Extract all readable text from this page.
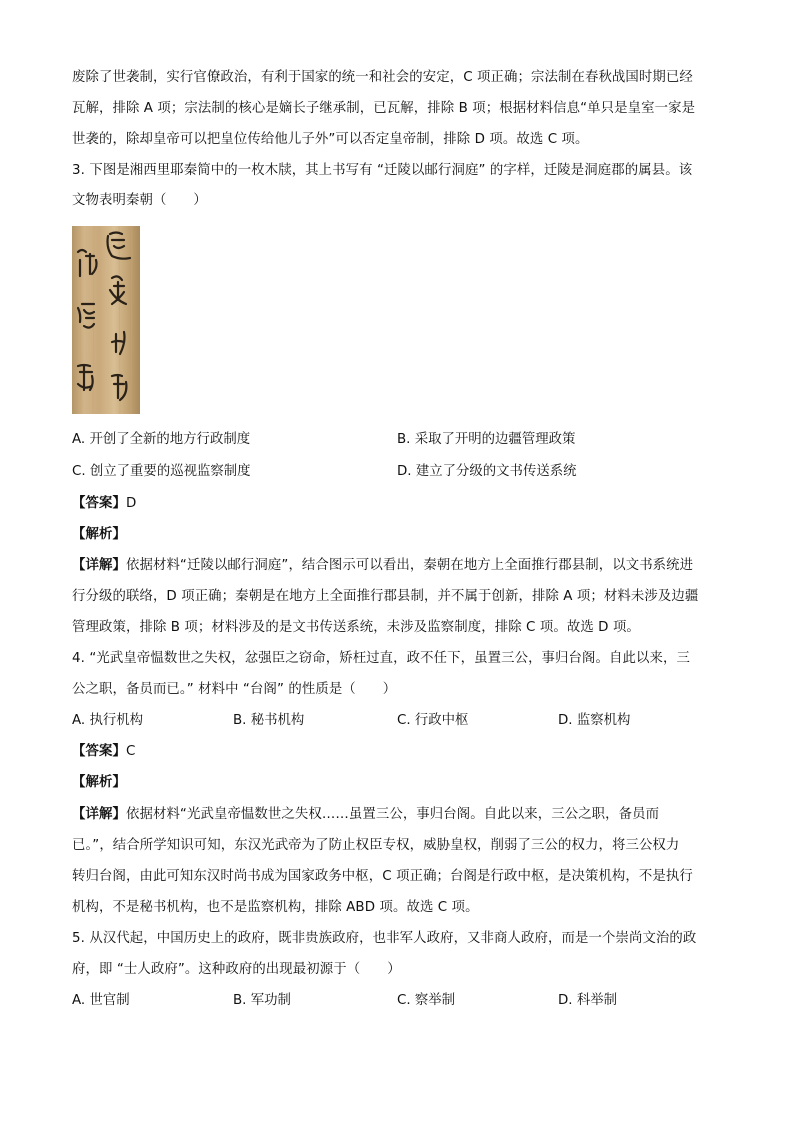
废除了世袭制，实行官僚政治，有利于国家的统一和社会的安定，C 项正确；宗法制在春秋战国时期已经
瓦解，排除 A 项；宗法制的核心是嫡长子继承制，已瓦解，排除 B 项；根据材料信息“单只是皇室一家是
世袭的，除却皇帝可以把皇位传给他儿子外”可以否定皇帝制，排除 D 项。故选 C 项。
3. 下图是湘西里耶秦简中的一枚木牍，其上书写有 “迁陵以邮行洞庭” 的字样，迁陵是洞庭郡的属县。该
文物表明秦朝（　　）
A. 开创了全新的地方行政制度	B. 采取了开明的边疆管理政策
C. 创立了重要的巡视监察制度	D. 建立了分级的文书传送系统
【答案】D
【解析】
【详解】依据材料“迁陵以邮行洞庭”，结合图示可以看出，秦朝在地方上全面推行郡县制，以文书系统进
行分级的联络，D 项正确；秦朝是在地方上全面推行郡县制，并不属于创新，排除 A 项；材料未涉及边疆
管理政策，排除 B 项；材料涉及的是文书传送系统，未涉及监察制度，排除 C 项。故选 D 项。
4. “光武皇帝愠数世之失权，忿强臣之窃命，矫枉过直，政不任下，虽置三公，事归台阁。自此以来，三
公之职，备员而已。” 材料中 “台阁” 的性质是（　　）
A. 执行机构	B. 秘书机构	C. 行政中枢	D. 监察机构
【答案】C
【解析】
【详解】依据材料“光武皇帝愠数世之失权……虽置三公，事归台阁。自此以来，三公之职，备员而
已。”，结合所学知识可知，东汉光武帝为了防止权臣专权，威胁皇权，削弱了三公的权力，将三公权力
转归台阁，由此可知东汉时尚书成为国家政务中枢，C 项正确；台阁是行政中枢，是决策机构，不是执行
机构，不是秘书机构，也不是监察机构，排除 ABD 项。故选 C 项。
5. 从汉代起，中国历史上的政府，既非贵族政府，也非军人政府，又非商人政府，而是一个崇尚文治的政
府，即 “士人政府”。这种政府的出现最初源于（　　）
A. 世官制	B. 军功制	C. 察举制	D. 科举制
